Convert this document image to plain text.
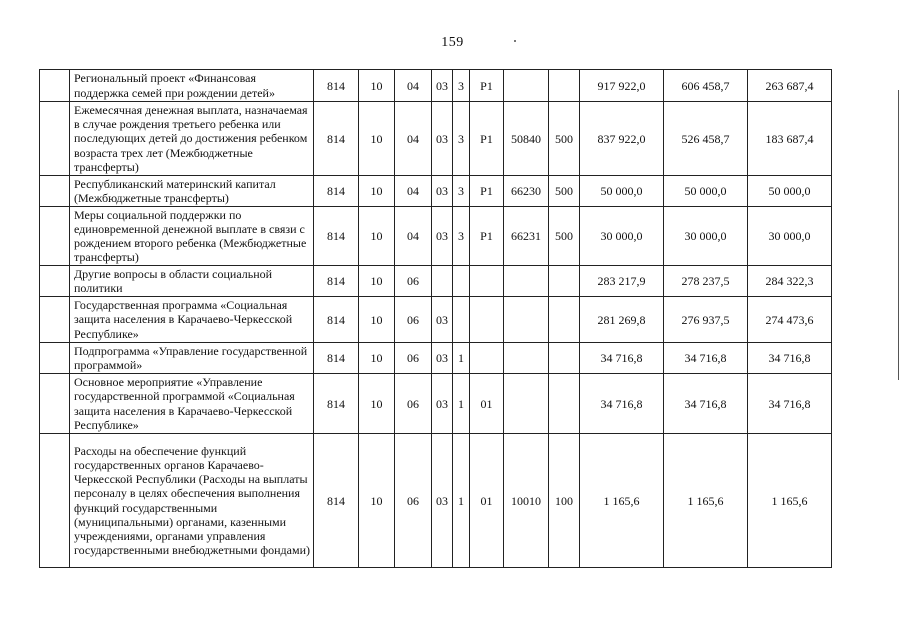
159
	Региональный проект «Финансовая поддержка семей при рождении детей»	814	10	04	03	3	P1			917 922,0	606 458,7	263 687,4
	Ежемесячная денежная выплата, назначаемая в случае рождения третьего ребенка или последующих детей до достижения ребенком возраста трех лет (Межбюджетные трансферты)	814	10	04	03	3	P1	50840	500	837 922,0	526 458,7	183 687,4
	Республиканский материнский капитал (Межбюджетные трансферты)	814	10	04	03	3	P1	66230	500	50 000,0	50 000,0	50 000,0
	Меры социальной поддержки по единовременной денежной выплате в связи с рождением второго ребенка (Межбюджетные трансферты)	814	10	04	03	3	P1	66231	500	30 000,0	30 000,0	30 000,0
	Другие вопросы в области социальной политики	814	10	06						283 217,9	278 237,5	284 322,3
	Государственная программа «Социальная защита населения в Карачаево-Черкесской Республике»	814	10	06	03					281 269,8	276 937,5	274 473,6
	Подпрограмма «Управление государственной программой»	814	10	06	03	1				34 716,8	34 716,8	34 716,8
	Основное мероприятие «Управление государственной программой «Социальная защита населения в Карачаево-Черкесской Республике»	814	10	06	03	1	01			34 716,8	34 716,8	34 716,8
	Расходы на обеспечение функций государственных органов Карачаево-Черкесской Республики (Расходы на выплаты персоналу в целях обеспечения выполнения функций государственными (муниципальными) органами, казенными учреждениями, органами управления государственными внебюджетными фондами)	814	10	06	03	1	01	10010	100	1 165,6	1 165,6	1 165,6
